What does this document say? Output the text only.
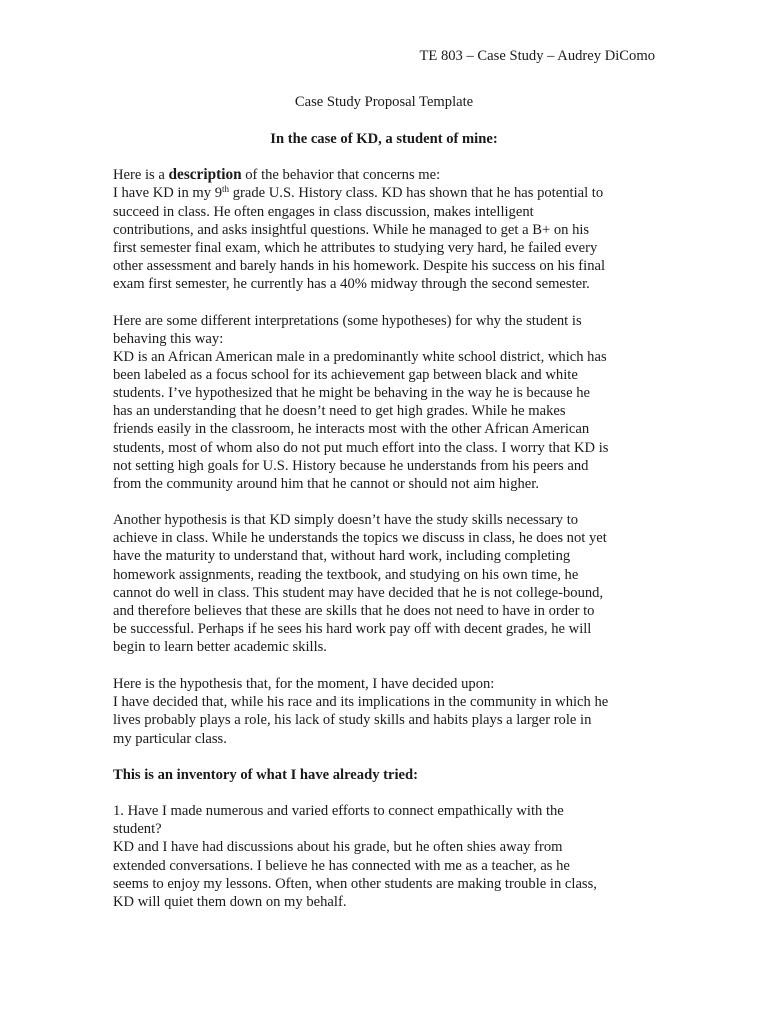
TE 803 – Case Study – Audrey DiComo

Case Study Proposal Template

In the case of KD, a student of mine:

Here is a description of the behavior that concerns me:

I have KD in my 9th grade U.S. History class. KD has shown that he has potential to

succeed in class. He often engages in class discussion, makes intelligent

contributions, and asks insightful questions. While he managed to get a B+ on his

first semester final exam, which he attributes to studying very hard, he failed every

other assessment and barely hands in his homework. Despite his success on his final

exam first semester, he currently has a 40% midway through the second semester.

Here are some different interpretations (some hypotheses) for why the student is

behaving this way:

KD is an African American male in a predominantly white school district, which has

been labeled as a focus school for its achievement gap between black and white

students. I’ve hypothesized that he might be behaving in the way he is because he

has an understanding that he doesn’t need to get high grades. While he makes

friends easily in the classroom, he interacts most with the other African American

students, most of whom also do not put much effort into the class. I worry that KD is

not setting high goals for U.S. History because he understands from his peers and

from the community around him that he cannot or should not aim higher.

Another hypothesis is that KD simply doesn’t have the study skills necessary to

achieve in class. While he understands the topics we discuss in class, he does not yet

have the maturity to understand that, without hard work, including completing

homework assignments, reading the textbook, and studying on his own time, he

cannot do well in class. This student may have decided that he is not college-bound,

and therefore believes that these are skills that he does not need to have in order to

be successful. Perhaps if he sees his hard work pay off with decent grades, he will

begin to learn better academic skills.

Here is the hypothesis that, for the moment, I have decided upon:

I have decided that, while his race and its implications in the community in which he

lives probably plays a role, his lack of study skills and habits plays a larger role in

my particular class.

This is an inventory of what I have already tried:

1. Have I made numerous and varied efforts to connect empathically with the

student?

KD and I have had discussions about his grade, but he often shies away from

extended conversations. I believe he has connected with me as a teacher, as he

seems to enjoy my lessons. Often, when other students are making trouble in class,

KD will quiet them down on my behalf.
